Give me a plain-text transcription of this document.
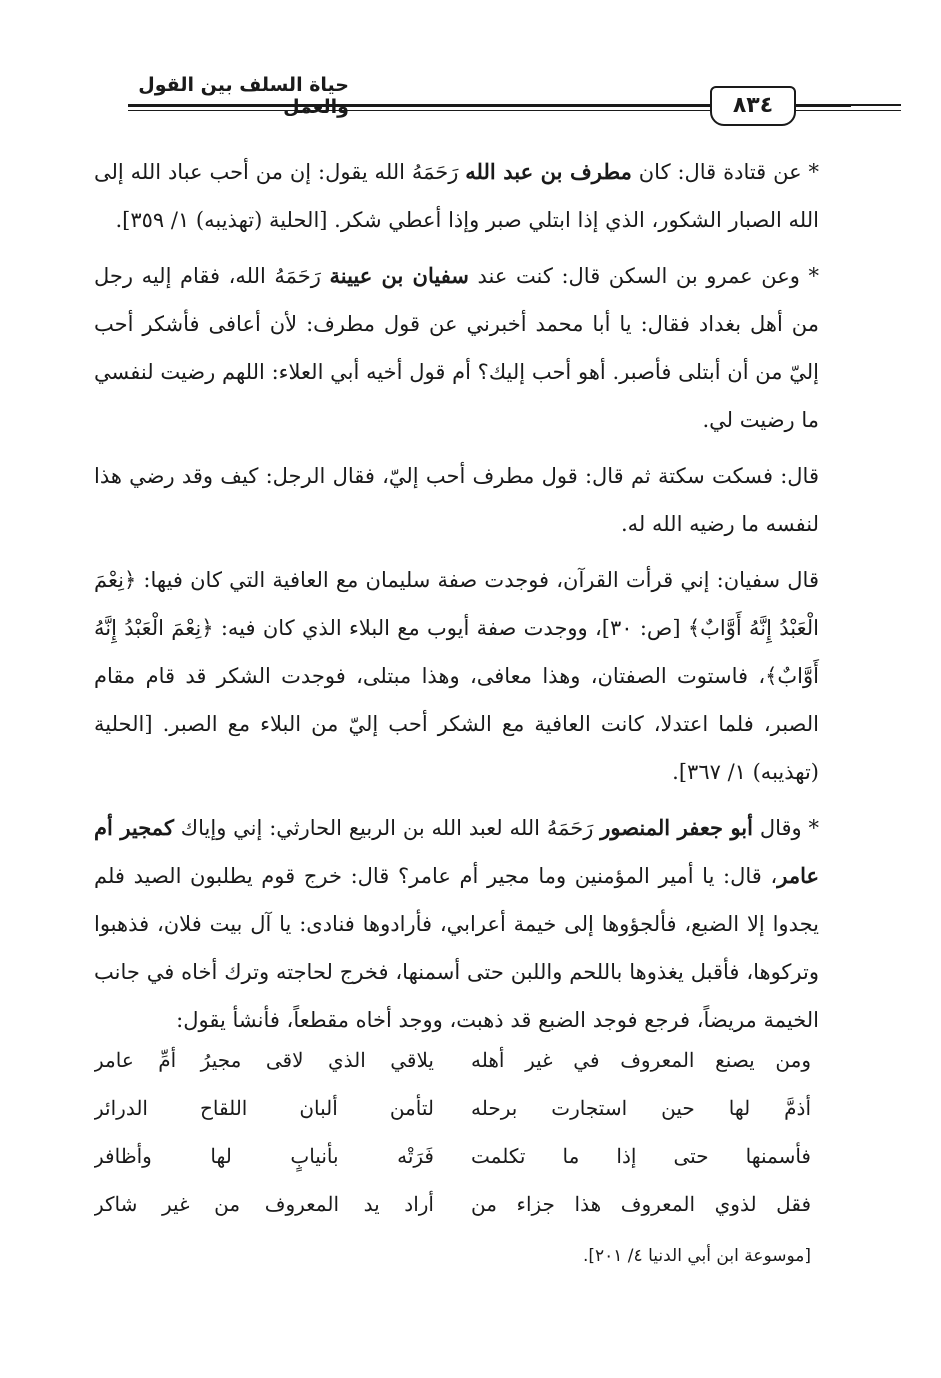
حياة السلف بين القول والعمل	٨٣٤

* عن قتادة قال: كان مطرف بن عبد الله رَحَمَهُ الله يقول: إن من أحب عباد الله إلى الله الصبار الشكور، الذي إذا ابتلي صبر وإذا أعطي شكر. [الحلية (تهذيبه) ١/ ٣٥٩].

* وعن عمرو بن السكن قال: كنت عند سفيان بن عيينة رَحَمَهُ الله، فقام إليه رجل من أهل بغداد فقال: يا أبا محمد أخبرني عن قول مطرف: لأن أعافى فأشكر أحب إليّ من أن أبتلى فأصبر. أهو أحب إليك؟ أم قول أخيه أبي العلاء: اللهم رضيت لنفسي ما رضيت لي.

قال: فسكت سكتة ثم قال: قول مطرف أحب إليّ، فقال الرجل: كيف وقد رضي هذا لنفسه ما رضيه الله له.

قال سفيان: إني قرأت القرآن، فوجدت صفة سليمان مع العافية التي كان فيها: ﴿نِعْمَ الْعَبْدُ إِنَّهُ أَوَّابٌ﴾ [ص: ٣٠]، ووجدت صفة أيوب مع البلاء الذي كان فيه: ﴿نِعْمَ الْعَبْدُ إِنَّهُ أَوَّابٌ﴾، فاستوت الصفتان، وهذا معافى، وهذا مبتلى، فوجدت الشكر قد قام مقام الصبر، فلما اعتدلا، كانت العافية مع الشكر أحب إليّ من البلاء مع الصبر. [الحلية (تهذيبه) ١/ ٣٦٧].

* وقال أبو جعفر المنصور رَحَمَهُ الله لعبد الله بن الربيع الحارثي: إني وإياك كمجير أم عامر، قال: يا أمير المؤمنين وما مجير أم عامر؟ قال: خرج قوم يطلبون الصيد فلم يجدوا إلا الضبع، فألجؤوها إلى خيمة أعرابي، فأرادوها فنادى: يا آل بيت فلان، فذهبوا وتركوها، فأقبل يغذوها باللحم واللبن حتى أسمنها، فخرج لحاجته وترك أخاه في جانب الخيمة مريضاً، فرجع فوجد الضبع قد ذهبت، ووجد أخاه مقطعاً، فأنشأ يقول:

ومن يصنع المعروف في غير أهله
يلاقي الذي لاقى مجيرُ أمِّ عامر
أذمَّ لها حين استجارت برحله
لتأمن ألبان اللقاح الدرائر
فأسمنها حتى إذا ما تكلمت
فَرَتْه بأنيابٍ لها وأظافر
فقل لذوي المعروف هذا جزاء من
أراد يد المعروف من غير شاكر
[موسوعة ابن أبي الدنيا ٤/ ٢٠١].
